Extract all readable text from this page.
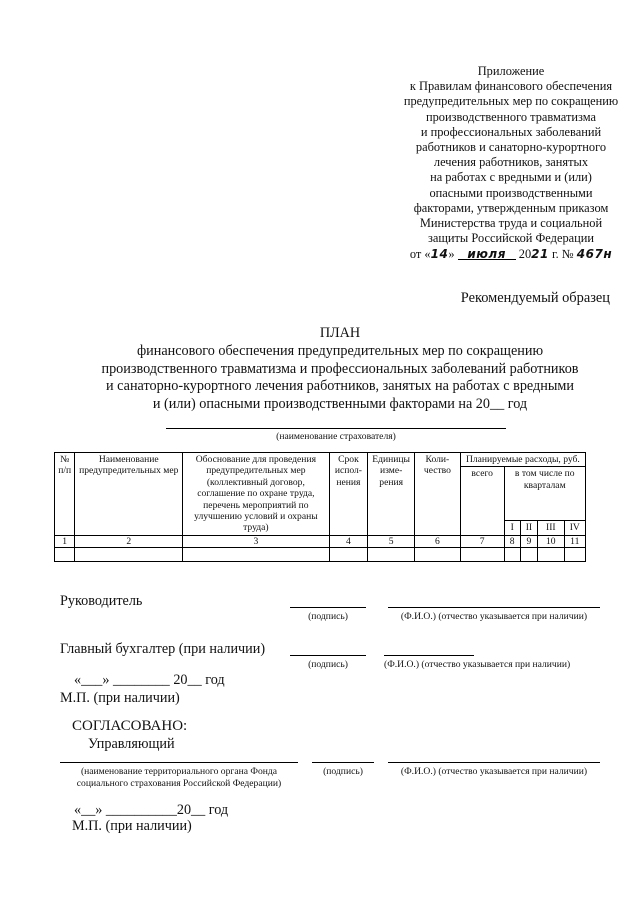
Приложение
к Правилам финансового обеспечения
предупредительных мер по сокращению
производственного травматизма
и профессиональных заболеваний
работников и санаторно-курортного
лечения работников, занятых
на работах с вредными и (или)
опасными производственными
факторами, утвержденным приказом
Министерства труда и социальной
защиты Российской Федерации
от «14» июля 2021 г. № 467н
Рекомендуемый образец
ПЛАН
финансового обеспечения предупредительных мер по сокращению
производственного травматизма и профессиональных заболеваний работников
и санаторно-курортного лечения работников, занятых на работах с вредными
и (или) опасными производственными факторами на 20__ год
(наименование страхователя)
№ п/п	Наименование предупредительных мер	Обоснование для проведения предупредительных мер (коллективный договор, соглашение по охране труда, перечень мероприятий по улучшению условий и охраны труда)	Срок испол-нения	Единицы изме-рения	Коли-чество	Планируемые расходы, руб.				
						всего	в том числе по кварталам			
							I	II	III	IV
1	2	3	4	5	6	7	8	9	10	11

Руководитель
(подпись)	(Ф.И.О.) (отчество указывается при наличии)
Главный бухгалтер (при наличии)
(подпись)	(Ф.И.О.) (отчество указывается при наличии)
«___» ________ 20__ год
М.П. (при наличии)
СОГЛАСОВАНО:
Управляющий
(наименование территориального органа Фонда
социального страхования Российской Федерации)
(подпись)	(Ф.И.О.) (отчество указывается при наличии)
«__» __________20__ год
М.П. (при наличии)
